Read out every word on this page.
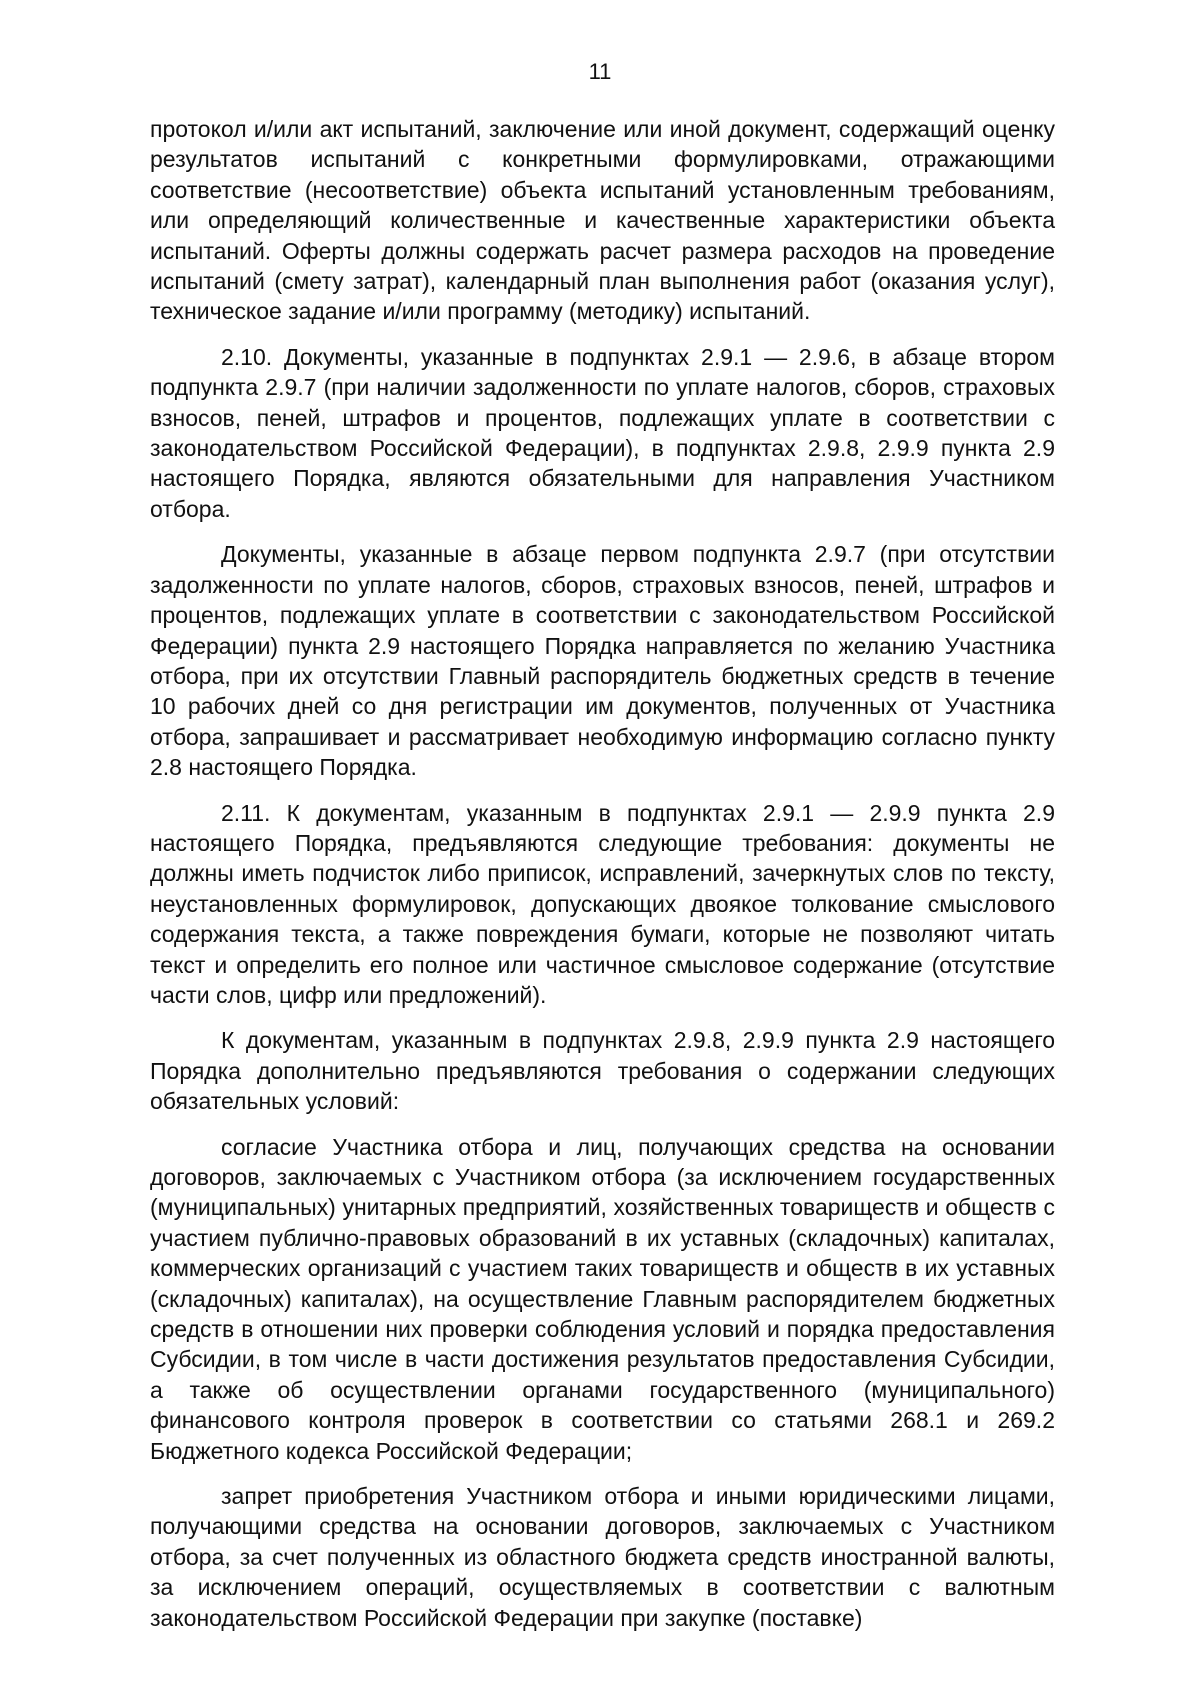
11

протокол и/или акт испытаний, заключение или иной документ, содержащий оценку результатов испытаний с конкретными формулировками, отражающими соответствие (несоответствие) объекта испытаний установленным требованиям, или определяющий количественные и качественные характеристики объекта испытаний. Оферты должны содержать расчет размера расходов на проведение испытаний (смету затрат), календарный план выполнения работ (оказания услуг), техническое задание и/или программу (методику) испытаний.

2.10. Документы, указанные в подпунктах 2.9.1 — 2.9.6, в абзаце втором подпункта 2.9.7 (при наличии задолженности по уплате налогов, сборов, страховых взносов, пеней, штрафов и процентов, подлежащих уплате в соответствии с законодательством Российской Федерации), в подпунктах 2.9.8, 2.9.9 пункта 2.9 настоящего Порядка, являются обязательными для направления Участником отбора.

Документы, указанные в абзаце первом подпункта 2.9.7 (при отсутствии задолженности по уплате налогов, сборов, страховых взносов, пеней, штрафов и процентов, подлежащих уплате в соответствии с законодательством Российской Федерации) пункта 2.9 настоящего Порядка направляется по желанию Участника отбора, при их отсутствии Главный распорядитель бюджетных средств в течение 10 рабочих дней со дня регистрации им документов, полученных от Участника отбора, запрашивает и рассматривает необходимую информацию согласно пункту 2.8 настоящего Порядка.

2.11. К документам, указанным в подпунктах 2.9.1 — 2.9.9 пункта 2.9 настоящего Порядка, предъявляются следующие требования: документы не должны иметь подчисток либо приписок, исправлений, зачеркнутых слов по тексту, неустановленных формулировок, допускающих двоякое толкование смыслового содержания текста, а также повреждения бумаги, которые не позволяют читать текст и определить его полное или частичное смысловое содержание (отсутствие части слов, цифр или предложений).

К документам, указанным в подпунктах 2.9.8, 2.9.9 пункта 2.9 настоящего Порядка дополнительно предъявляются требования о содержании следующих обязательных условий:

согласие Участника отбора и лиц, получающих средства на основании договоров, заключаемых с Участником отбора (за исключением государственных (муниципальных) унитарных предприятий, хозяйственных товариществ и обществ с участием публично-правовых образований в их уставных (складочных) капиталах, коммерческих организаций с участием таких товариществ и обществ в их уставных (складочных) капиталах), на осуществление Главным распорядителем бюджетных средств в отношении них проверки соблюдения условий и порядка предоставления Субсидии, в том числе в части достижения результатов предоставления Субсидии, а также об осуществлении органами государственного (муниципального) финансового контроля проверок в соответствии со статьями 268.1 и 269.2 Бюджетного кодекса Российской Федерации;

запрет приобретения Участником отбора и иными юридическими лицами, получающими средства на основании договоров, заключаемых с Участником отбора, за счет полученных из областного бюджета средств иностранной валюты, за исключением операций, осуществляемых в соответствии с валютным законодательством Российской Федерации при закупке (поставке)
